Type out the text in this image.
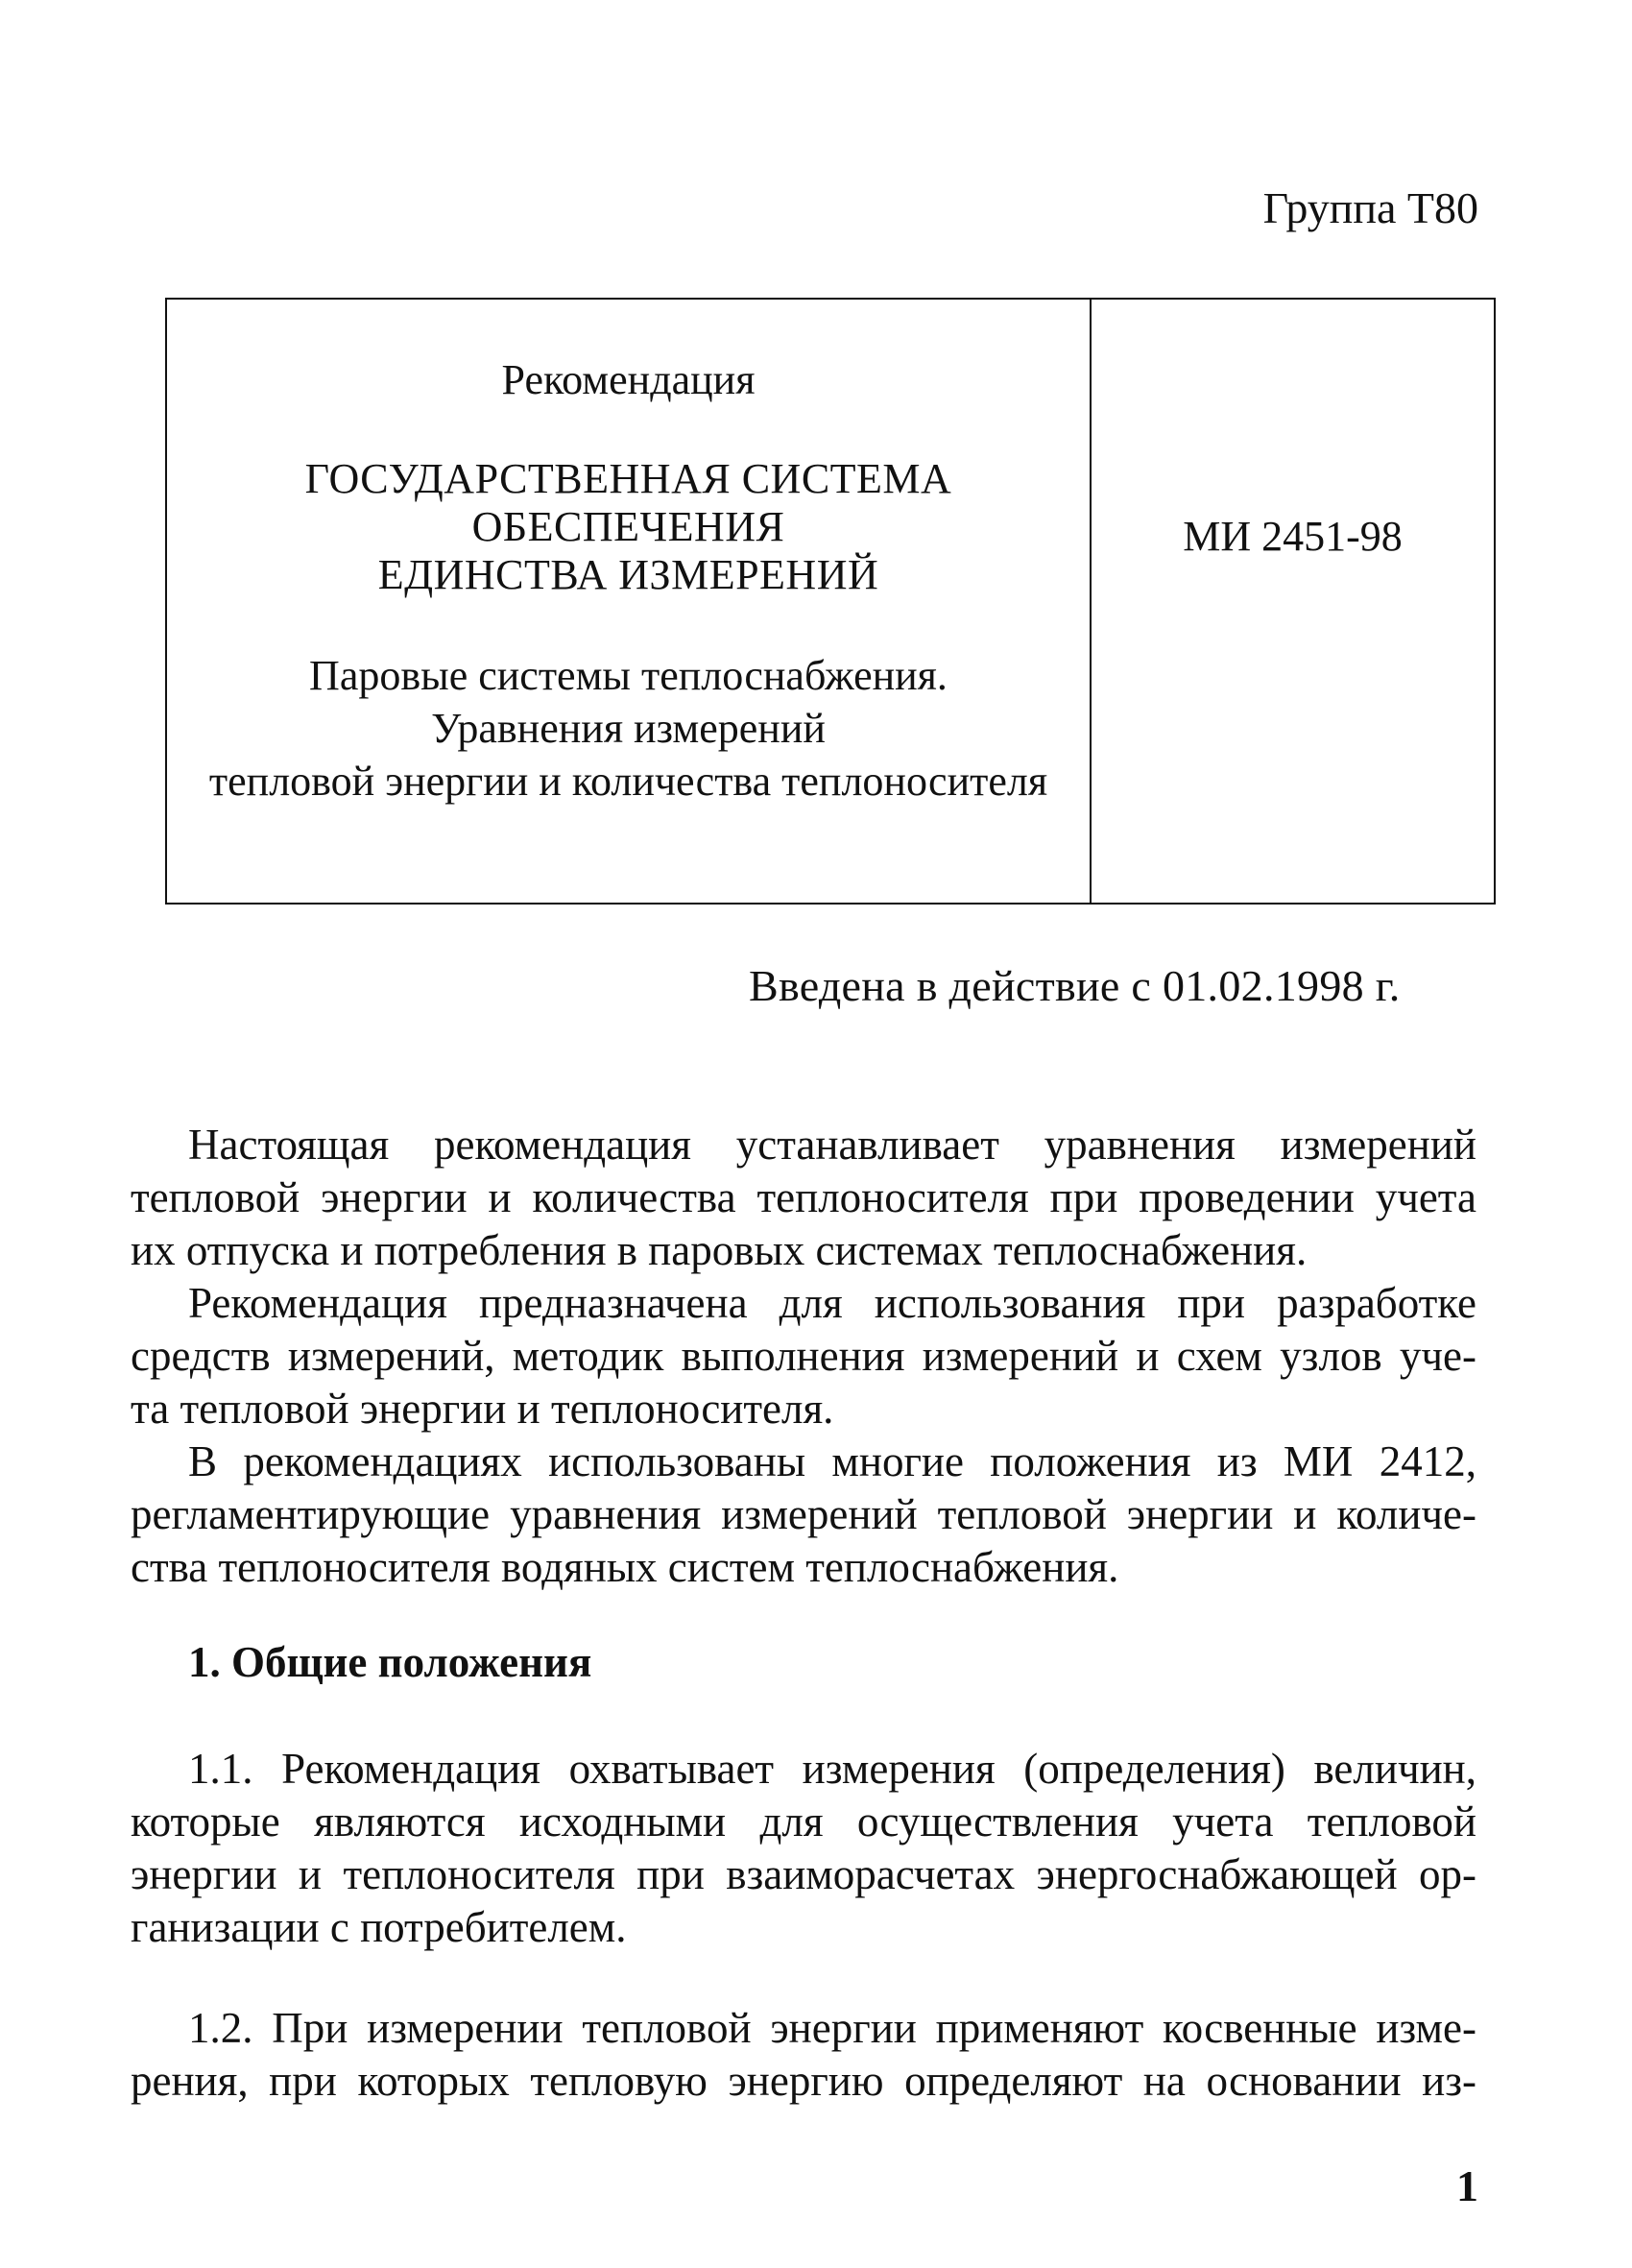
Группа Т80
Рекомендация
ГОСУДАРСТВЕННАЯ СИСТЕМА
ОБЕСПЕЧЕНИЯ
ЕДИНСТВА ИЗМЕРЕНИЙ
Паровые системы теплоснабжения.
Уравнения измерений
тепловой энергии и количества теплоносителя
МИ 2451-98
Введена в действие с 01.02.1998 г.
Настоящая рекомендация устанавливает уравнения измерений
тепловой энергии и количества теплоносителя при проведении учета
их отпуска и потребления в паровых системах теплоснабжения.
Рекомендация предназначена для использования при разработке
средств измерений, методик выполнения измерений и схем узлов уче-
та тепловой энергии и теплоносителя.
В рекомендациях использованы многие положения из МИ 2412,
регламентирующие уравнения измерений тепловой энергии и количе-
ства теплоносителя водяных систем теплоснабжения.
1. Общие положения
1.1. Рекомендация охватывает измерения (определения) величин,
которые являются исходными для осуществления учета тепловой
энергии и теплоносителя при взаиморасчетах энергоснабжающей ор-
ганизации с потребителем.
1.2. При измерении тепловой энергии применяют косвенные изме-
рения, при которых тепловую энергию определяют на основании из-
1
